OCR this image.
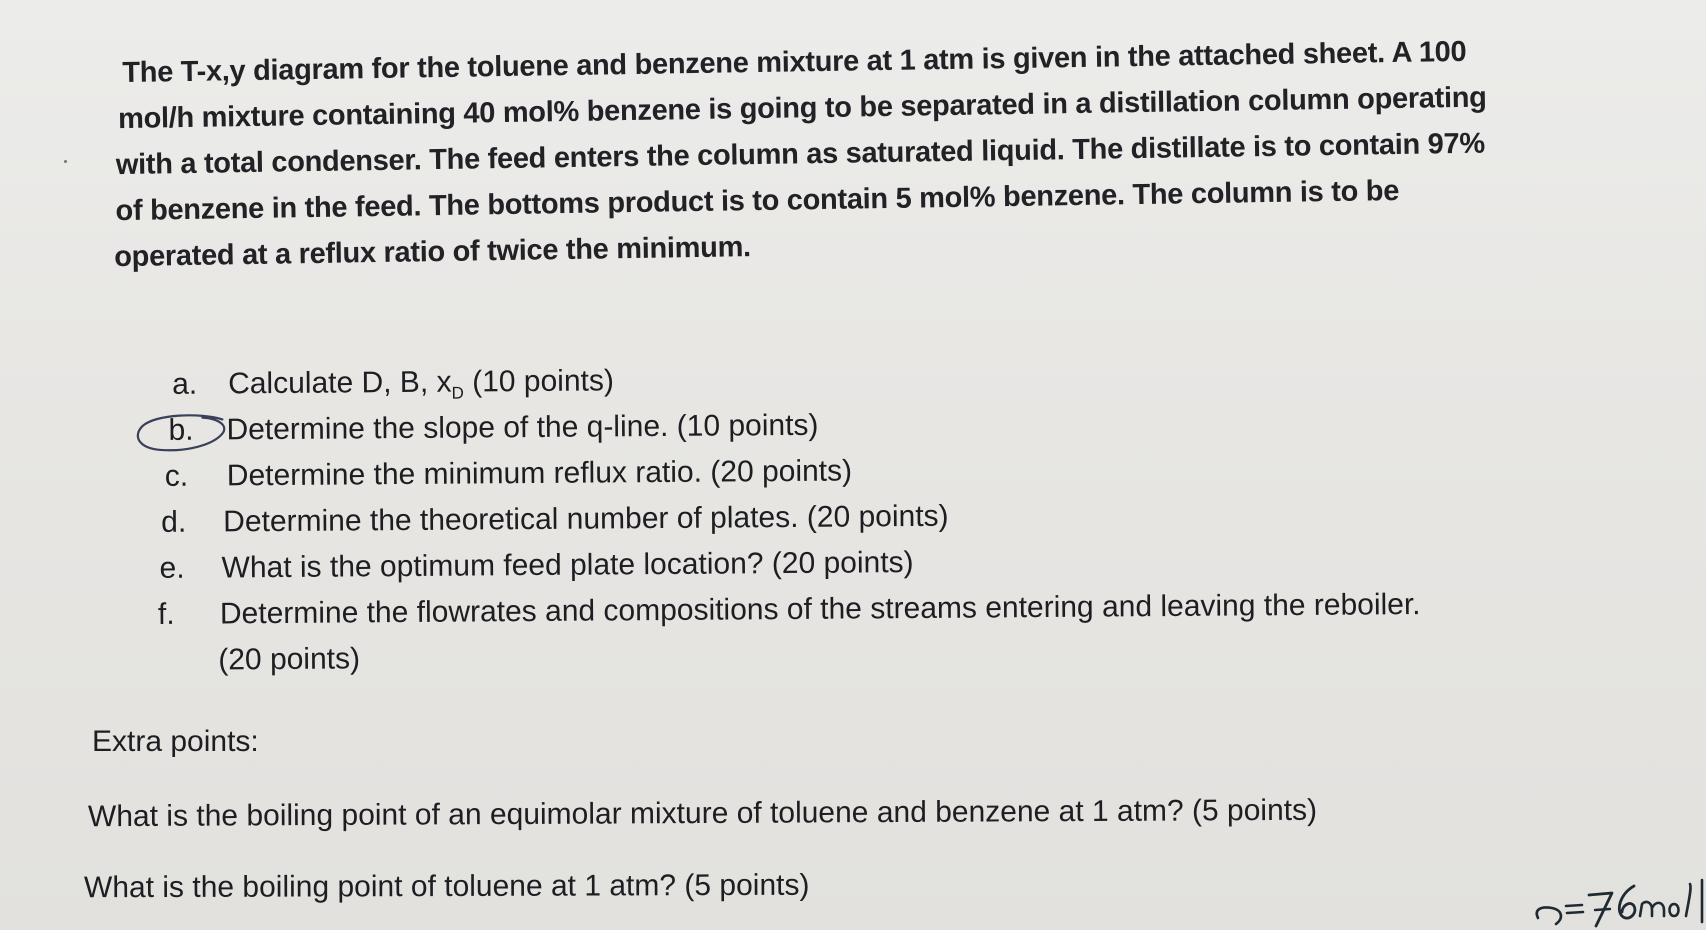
The T-x,y diagram for the toluene and benzene mixture at 1 atm is given in the attached sheet. A 100
mol/h mixture containing 40 mol% benzene is going to be separated in a distillation column operating
with a total condenser. The feed enters the column as saturated liquid. The distillate is to contain 97%
of benzene in the feed. The bottoms product is to contain 5 mol% benzene. The column is to be
operated at a reflux ratio of twice the minimum.
a. Calculate D, B, $x_D$ (10 points)
b. Determine the slope of the q-line. (10 points)
c. Determine the minimum reflux ratio. (20 points)
d. Determine the theoretical number of plates. (20 points)
e. What is the optimum feed plate location? (20 points)
f. Determine the flowrates and compositions of the streams entering and leaving the reboiler.
(20 points)
Extra points:
What is the boiling point of an equimolar mixture of toluene and benzene at 1 atm? (5 points)
What is the boiling point of toluene at 1 atm? (5 points)
